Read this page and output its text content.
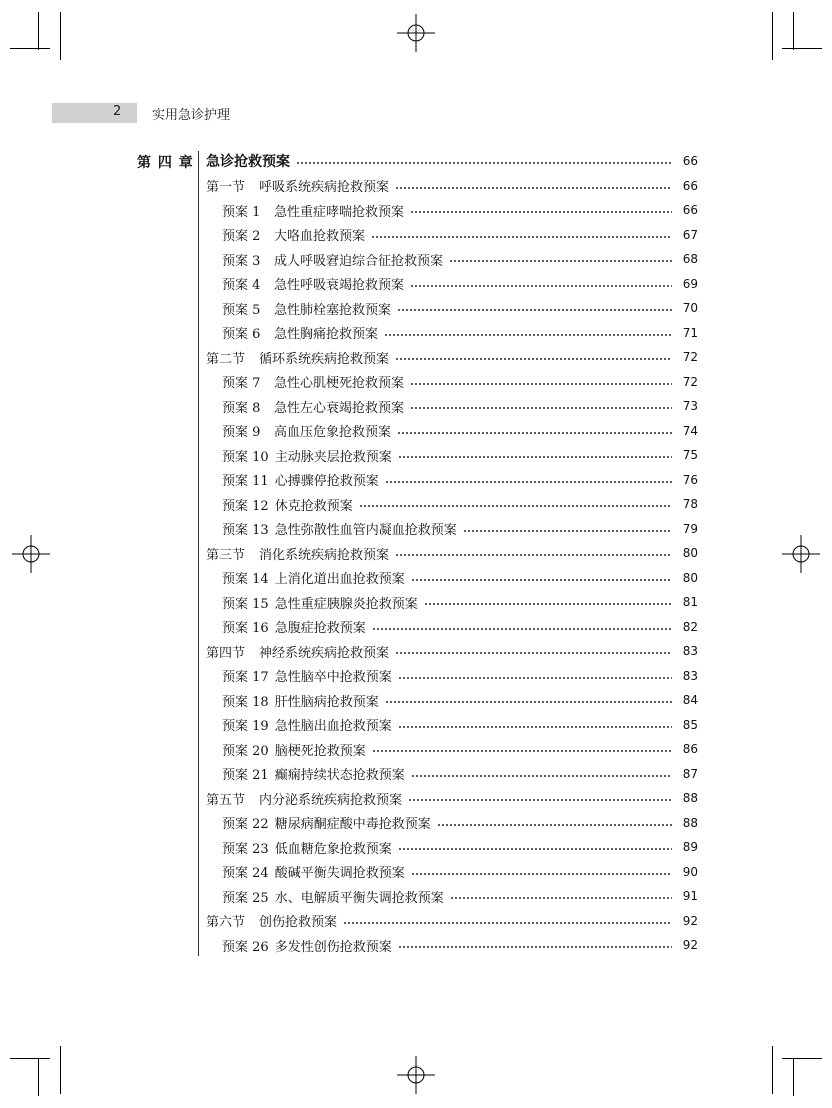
2 实用急诊护理
第 四 章 急诊抢救预案	66
第一节 呼吸系统疾病抢救预案	66
预案 1 急性重症哮喘抢救预案	66
预案 2 大咯血抢救预案	67
预案 3 成人呼吸窘迫综合征抢救预案	68
预案 4 急性呼吸衰竭抢救预案	69
预案 5 急性肺栓塞抢救预案	70
预案 6 急性胸痛抢救预案	71
第二节 循环系统疾病抢救预案	72
预案 7 急性心肌梗死抢救预案	72
预案 8 急性左心衰竭抢救预案	73
预案 9 高血压危象抢救预案	74
预案 10 主动脉夹层抢救预案	75
预案 11 心搏骤停抢救预案	76
预案 12 休克抢救预案	78
预案 13 急性弥散性血管内凝血抢救预案	79
第三节 消化系统疾病抢救预案	80
预案 14 上消化道出血抢救预案	80
预案 15 急性重症胰腺炎抢救预案	81
预案 16 急腹症抢救预案	82
第四节 神经系统疾病抢救预案	83
预案 17 急性脑卒中抢救预案	83
预案 18 肝性脑病抢救预案	84
预案 19 急性脑出血抢救预案	85
预案 20 脑梗死抢救预案	86
预案 21 癫痫持续状态抢救预案	87
第五节 内分泌系统疾病抢救预案	88
预案 22 糖尿病酮症酸中毒抢救预案	88
预案 23 低血糖危象抢救预案	89
预案 24 酸碱平衡失调抢救预案	90
预案 25 水、电解质平衡失调抢救预案	91
第六节 创伤抢救预案	92
预案 26 多发性创伤抢救预案	92
